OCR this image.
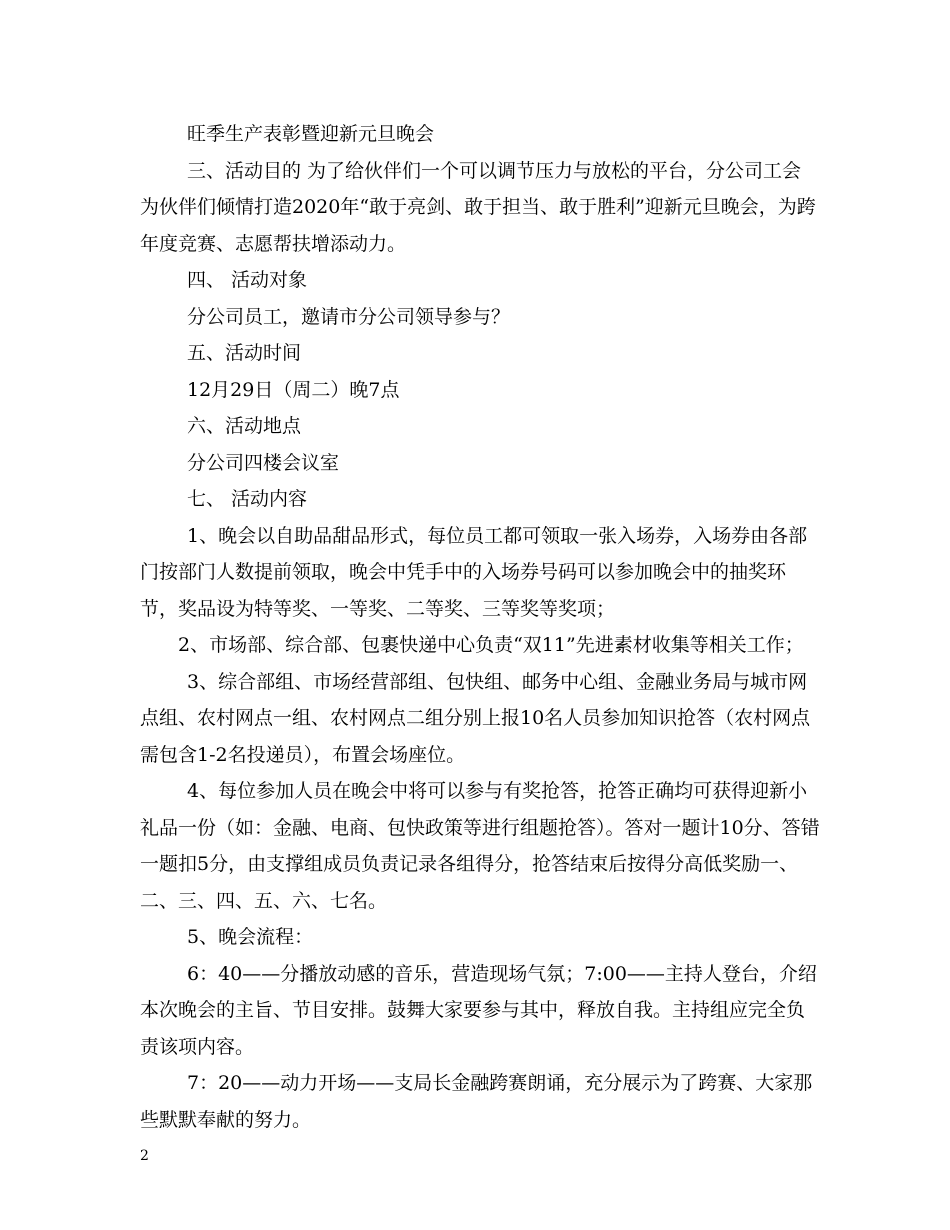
旺季生产表彰暨迎新元旦晚会

三、活动目的 为了给伙伴们一个可以调节压力与放松的平台，分公司工会为伙伴们倾情打造2020年“敢于亮剑、敢于担当、敢于胜利”迎新元旦晚会，为跨年度竞赛、志愿帮扶增添动力。

四、 活动对象

分公司员工，邀请市分公司领导参与？

五、活动时间

12月29日（周二）晚7点

六、活动地点

分公司四楼会议室

七、 活动内容

1、晚会以自助品甜品形式，每位员工都可领取一张入场券，入场券由各部门按部门人数提前领取，晚会中凭手中的入场券号码可以参加晚会中的抽奖环节，奖品设为特等奖、一等奖、二等奖、三等奖等奖项；

2、市场部、综合部、包裹快递中心负责“双11”先进素材收集等相关工作；

3、综合部组、市场经营部组、包快组、邮务中心组、金融业务局与城市网点组、农村网点一组、农村网点二组分别上报10名人员参加知识抢答（农村网点需包含1-2名投递员），布置会场座位。

4、每位参加人员在晚会中将可以参与有奖抢答，抢答正确均可获得迎新小礼品一份（如：金融、电商、包快政策等进行组题抢答）。答对一题计10分、答错一题扣5分，由支撑组成员负责记录各组得分，抢答结束后按得分高低奖励一、二、三、四、五、六、七名。

5、晚会流程：

6：40——分播放动感的音乐，营造现场气氛；7:00——主持人登台，介绍本次晚会的主旨、节目安排。鼓舞大家要参与其中，释放自我。主持组应完全负责该项内容。

7：20——动力开场——支局长金融跨赛朗诵，充分展示为了跨赛、大家那些默默奉献的努力。

2
